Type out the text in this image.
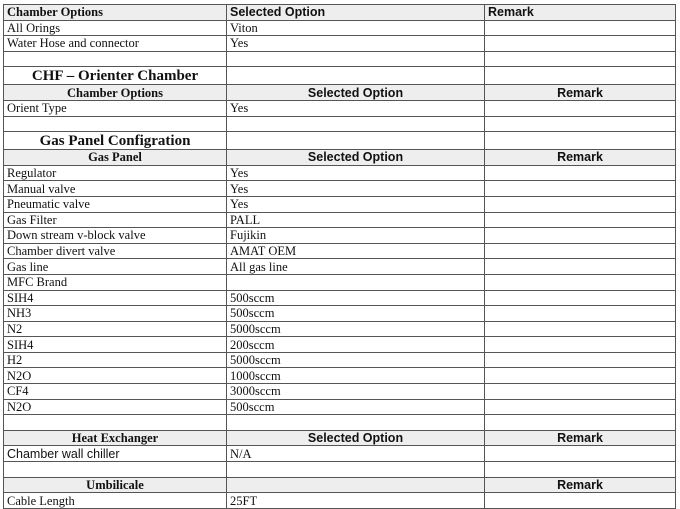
Chamber Options	Selected Option	Remark
All Orings	Viton	
Water Hose and connector	Yes	

CHF – Orienter Chamber		
Chamber Options	Selected Option	Remark
Orient Type	Yes	

Gas Panel Configration		
Gas Panel	Selected Option	Remark
Regulator	Yes	
Manual valve	Yes	
Pneumatic valve	Yes	
Gas Filter	PALL	
Down stream v-block valve	Fujikin	
Chamber divert valve	AMAT OEM	
Gas line	All gas line	
MFC Brand		
SIH4	500sccm	
NH3	500sccm	
N2	5000sccm	
SIH4	200sccm	
H2	5000sccm	
N2O	1000sccm	
CF4	3000sccm	
N2O	500sccm	

Heat Exchanger	Selected Option	Remark
Chamber wall chiller	N/A	

Umbilicale		Remark
Cable Length	25FT	
